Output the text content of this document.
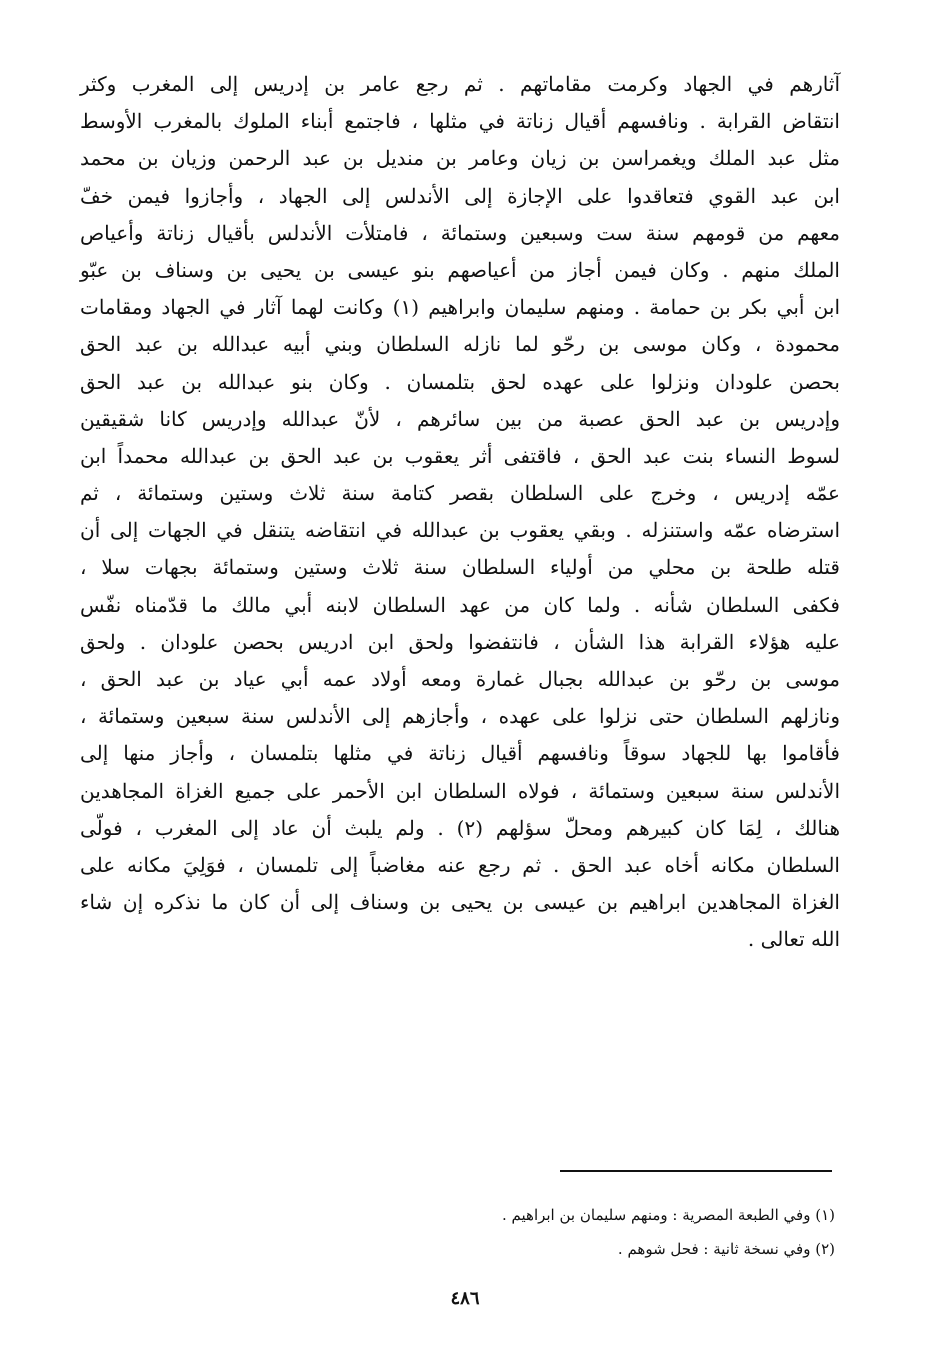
آثارهم في الجهاد وكرمت مقاماتهم . ثم رجع عامر بن إدريس إلى المغرب وكثر
انتقاض القرابة . ونافسهم أقيال زناتة في مثلها ، فاجتمع أبناء الملوك بالمغرب الأوسط
مثل عبد الملك ويغمراسن بن زيان وعامر بن منديل بن عبد الرحمن وزيان بن محمد
ابن عبد القوي فتعاقدوا على الإجازة إلى الأندلس إلى الجهاد ، وأجازوا فيمن خفّ
معهم من قومهم سنة ست وسبعين وستمائة ، فامتلأت الأندلس بأقيال زناتة وأعياص
الملك منهم . وكان فيمن أجاز من أعياصهم بنو عيسى بن يحيى بن وسناف بن عبّو
ابن أبي بكر بن حمامة . ومنهم سليمان وابراهيم (١) وكانت لهما آثار في الجهاد ومقامات
محمودة ، وكان موسى بن رحّو لما نازله السلطان وبني أبيه عبدالله بن عبد الحق
بحصن علودان ونزلوا على عهده لحق بتلمسان . وكان بنو عبدالله بن عبد الحق
وإدريس بن عبد الحق عصبة من بين سائرهم ، لأنّ عبدالله وإدريس كانا شقيقين
لسوط النساء بنت عبد الحق ، فاقتفى أثر يعقوب بن عبد الحق بن عبدالله محمداً ابن
عمّه إدريس ، وخرج على السلطان بقصر كتامة سنة ثلاث وستين وستمائة ، ثم
استرضاه عمّه واستنزله . وبقي يعقوب بن عبدالله في انتقاضه يتنقل في الجهات إلى أن
قتله طلحة بن محلي من أولياء السلطان سنة ثلاث وستين وستمائة بجهات سلا ،
فكفى السلطان شأنه . ولما كان من عهد السلطان لابنه أبي مالك ما قدّمناه نفّس
عليه هؤلاء القرابة هذا الشأن ، فانتفضوا ولحق ابن ادريس بحصن علودان . ولحق
موسى بن رحّو بن عبدالله بجبال غمارة ومعه أولاد عمه أبي عياد بن عبد الحق ،
ونازلهم السلطان حتى نزلوا على عهده ، وأجازهم إلى الأندلس سنة سبعين وستمائة ،
فأقاموا بها للجهاد سوقاً ونافسهم أقيال زناتة في مثلها بتلمسان ، وأجاز منها إلى
الأندلس سنة سبعين وستمائة ، فولاه السلطان ابن الأحمر على جميع الغزاة المجاهدين
هنالك ، لِمَا كان كبيرهم ومحلّ سؤلهم (٢) . ولم يلبث أن عاد إلى المغرب ، فولّى
السلطان مكانه أخاه عبد الحق . ثم رجع عنه مغاضباً إلى تلمسان ، فوَلِيَ مكانه على
الغزاة المجاهدين ابراهيم بن عيسى بن يحيى بن وسناف إلى أن كان ما نذكره إن شاء
الله تعالى .
(١) وفي الطبعة المصرية : ومنهم سليمان بن ابراهيم .
(٢) وفي نسخة ثانية : فحل شوهم .
٤٨٦
